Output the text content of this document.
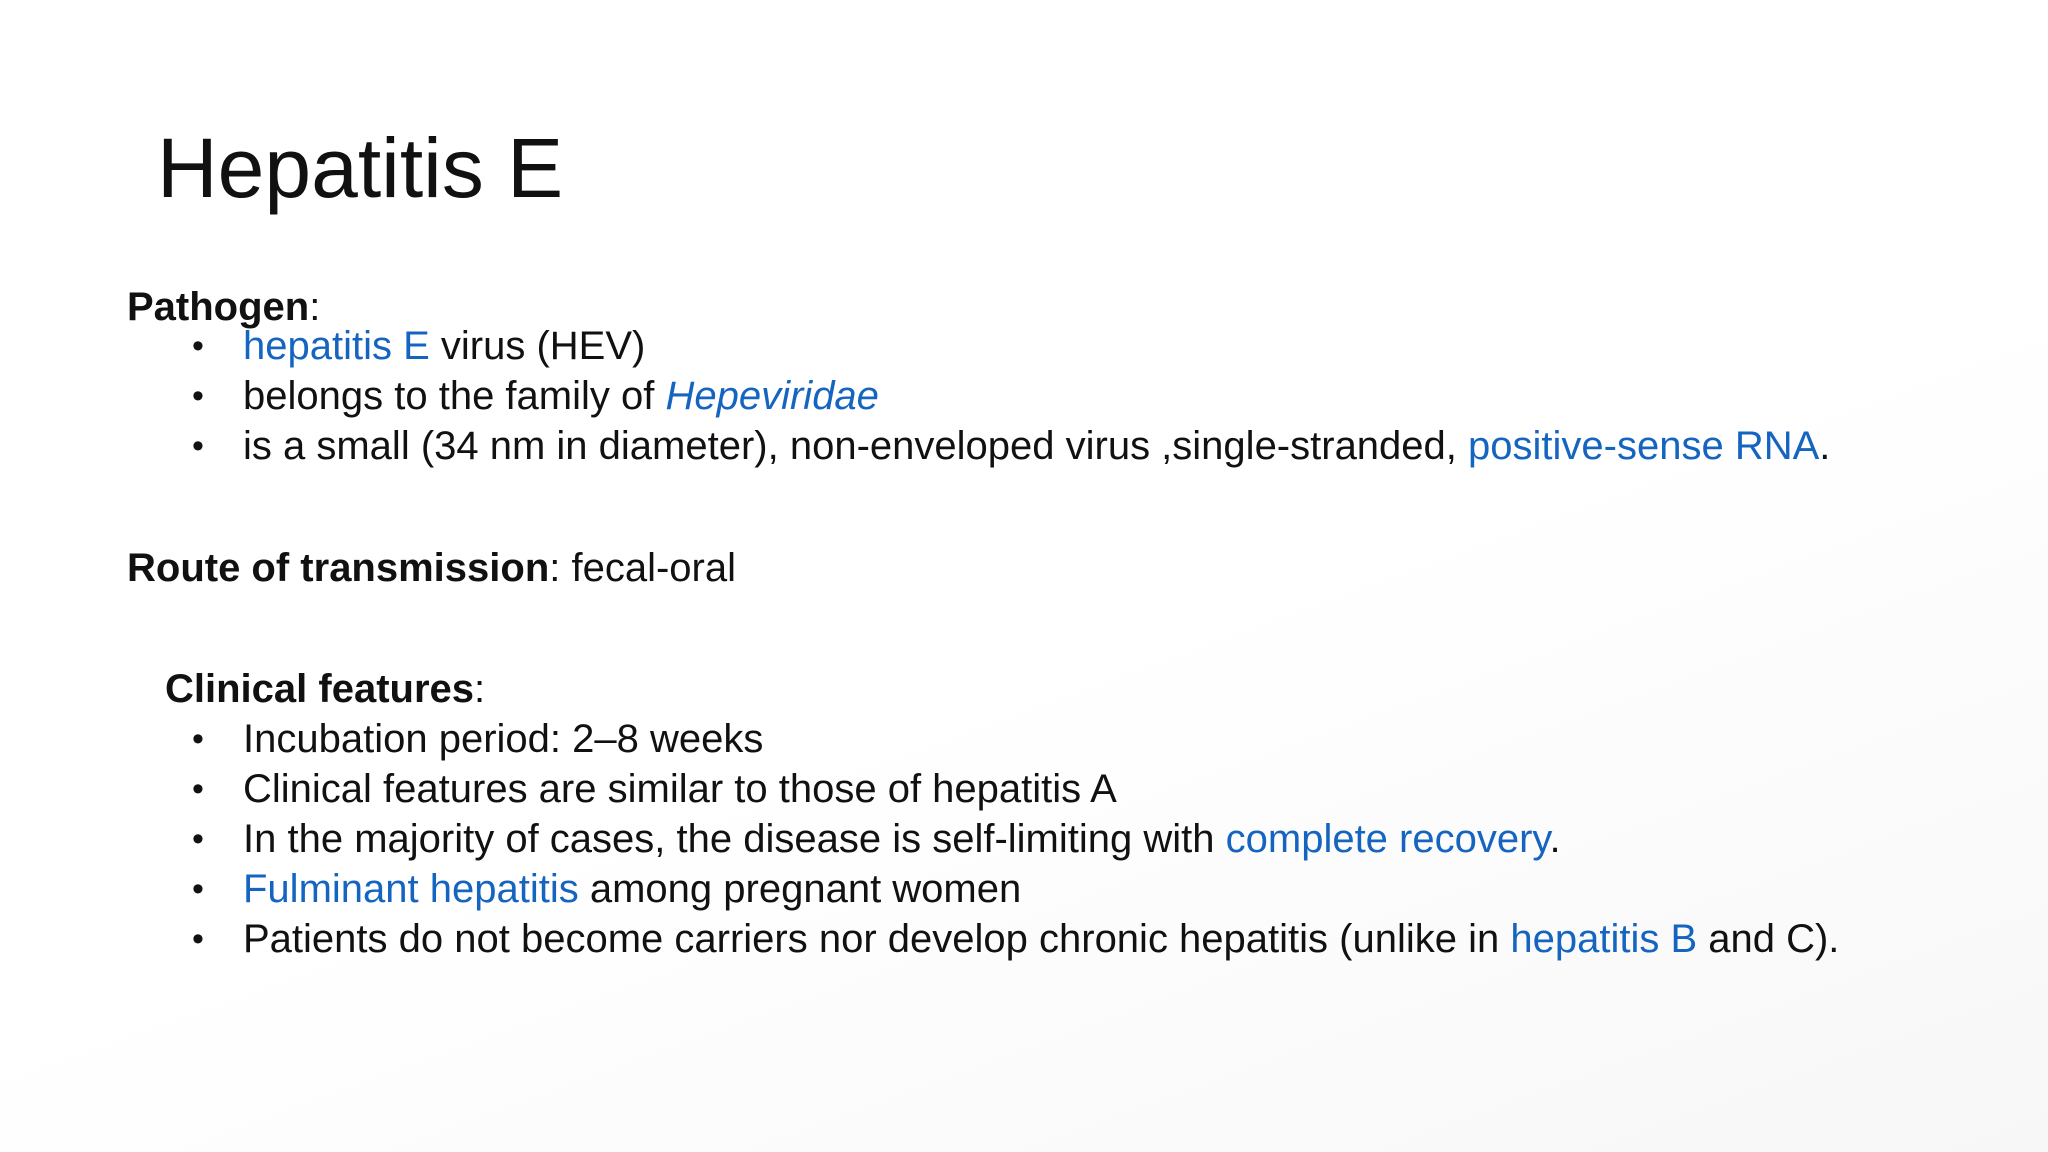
Hepatitis E
Pathogen:
• hepatitis E virus (HEV)
• belongs to the family of Hepeviridae
• is a small (34 nm in diameter), non-enveloped virus ,single-stranded, positive-sense RNA.
Route of transmission: fecal-oral
Clinical features:
• Incubation period: 2–8 weeks
• Clinical features are similar to those of hepatitis A
• In the majority of cases, the disease is self-limiting with complete recovery.
• Fulminant hepatitis among pregnant women
• Patients do not become carriers nor develop chronic hepatitis (unlike in hepatitis B and C).
